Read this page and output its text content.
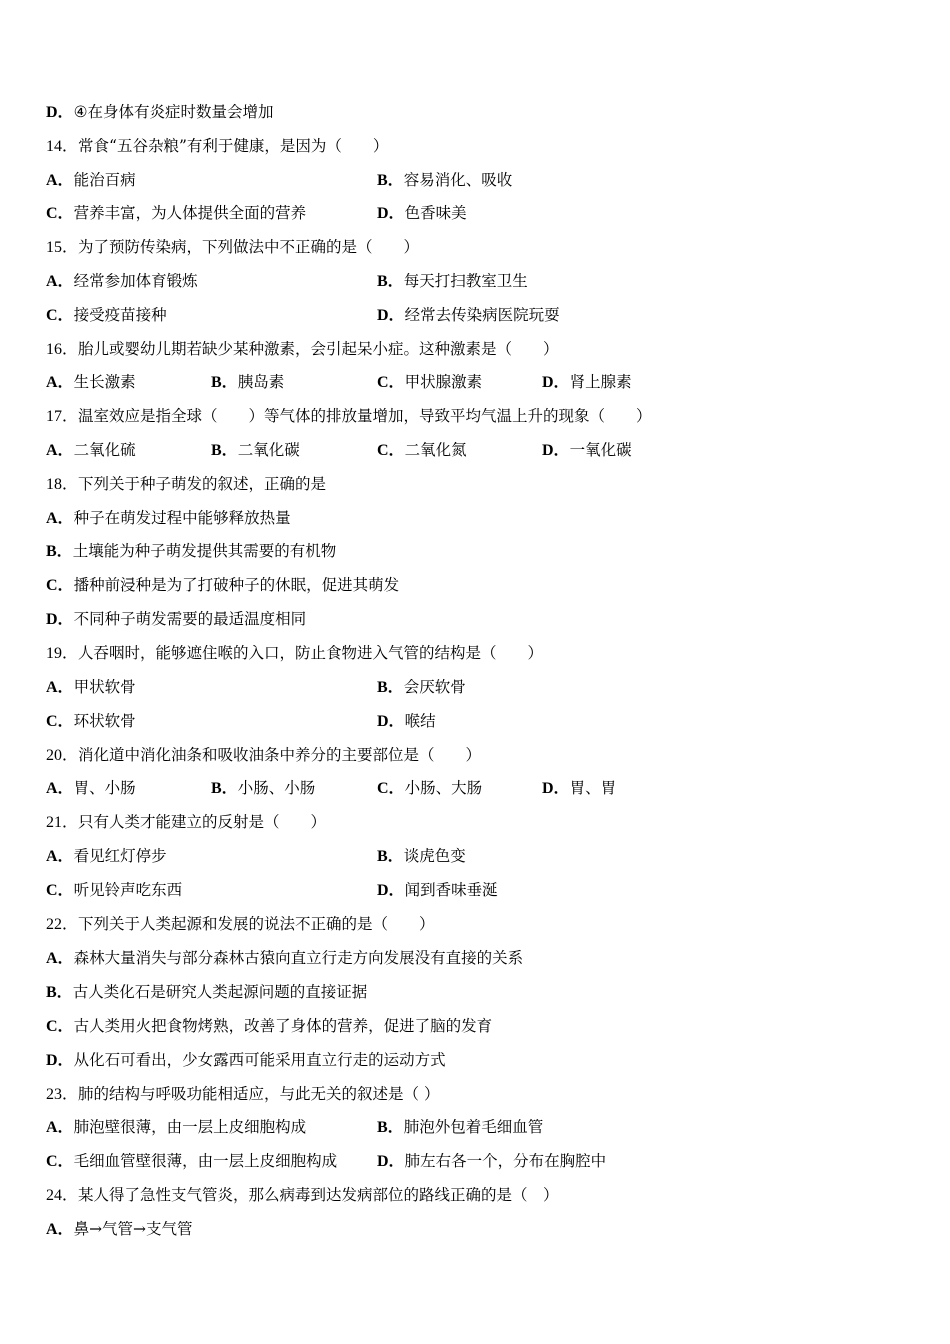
D．④在身体有炎症时数量会增加
14．常食“五谷杂粮”有利于健康，是因为（　　）
A．能治百病	B．容易消化、吸收
C．营养丰富，为人体提供全面的营养	D．色香味美
15．为了预防传染病，下列做法中不正确的是（　　）
A．经常参加体育锻炼	B．每天打扫教室卫生
C．接受疫苗接种	D．经常去传染病医院玩耍
16．胎儿或婴幼儿期若缺少某种激素，会引起呆小症。这种激素是（　　）
A．生长激素	B．胰岛素	C．甲状腺激素	D．肾上腺素
17．温室效应是指全球（　　）等气体的排放量增加，导致平均气温上升的现象（　　）
A．二氧化硫	B．二氧化碳	C．二氧化氮	D．一氧化碳
18．下列关于种子萌发的叙述，正确的是
A．种子在萌发过程中能够释放热量
B．土壤能为种子萌发提供其需要的有机物
C．播种前浸种是为了打破种子的休眠，促进其萌发
D．不同种子萌发需要的最适温度相同
19．人吞咽时，能够遮住喉的入口，防止食物进入气管的结构是（　　）
A．甲状软骨	B．会厌软骨
C．环状软骨	D．喉结
20．消化道中消化油条和吸收油条中养分的主要部位是（　　）
A．胃、小肠	B．小肠、小肠	C．小肠、大肠	D．胃、胃
21．只有人类才能建立的反射是（　　）
A．看见红灯停步	B．谈虎色变
C．听见铃声吃东西	D．闻到香味垂涎
22．下列关于人类起源和发展的说法不正确的是（　　）
A．森林大量消失与部分森林古猿向直立行走方向发展没有直接的关系
B．古人类化石是研究人类起源问题的直接证据
C．古人类用火把食物烤熟，改善了身体的营养，促进了脑的发育
D．从化石可看出，少女露西可能采用直立行走的运动方式
23．肺的结构与呼吸功能相适应，与此无关的叙述是（ ）
A．肺泡壁很薄，由一层上皮细胞构成	B．肺泡外包着毛细血管
C．毛细血管壁很薄，由一层上皮细胞构成 D．肺左右各一个，分布在胸腔中
24．某人得了急性支气管炎，那么病毒到达发病部位的路线正确的是（　）
A．鼻→气管→支气管
